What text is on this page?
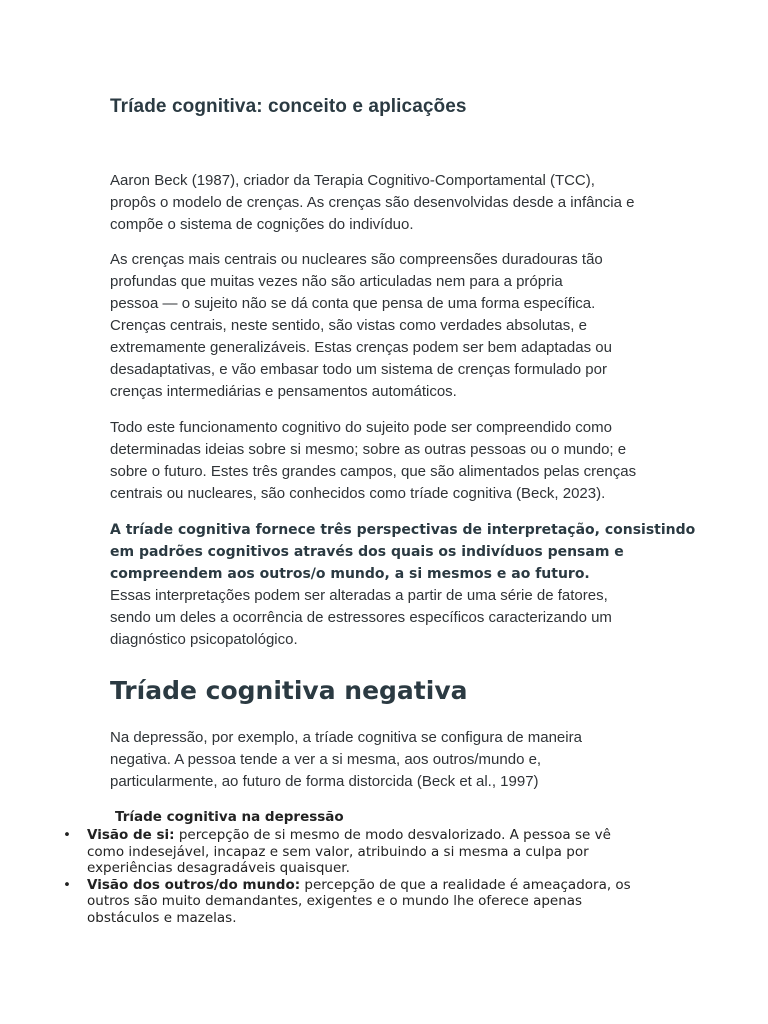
Tríade cognitiva: conceito e aplicações

Aaron Beck (1987), criador da Terapia Cognitivo-Comportamental (TCC),
propôs o modelo de crenças. As crenças são desenvolvidas desde a infância e
compõe o sistema de cognições do indivíduo.

As crenças mais centrais ou nucleares são compreensões duradouras tão
profundas que muitas vezes não são articuladas nem para a própria
pessoa — o sujeito não se dá conta que pensa de uma forma específica.
Crenças centrais, neste sentido, são vistas como verdades absolutas, e
extremamente generalizáveis. Estas crenças podem ser bem adaptadas ou
desadaptativas, e vão embasar todo um sistema de crenças formulado por
crenças intermediárias e pensamentos automáticos.

Todo este funcionamento cognitivo do sujeito pode ser compreendido como
determinadas ideias sobre si mesmo; sobre as outras pessoas ou o mundo; e
sobre o futuro. Estes três grandes campos, que são alimentados pelas crenças
centrais ou nucleares, são conhecidos como tríade cognitiva (Beck, 2023).

A tríade cognitiva fornece três perspectivas de interpretação, consistindo
em padrões cognitivos através dos quais os indivíduos pensam e
compreendem aos outros/o mundo, a si mesmos e ao futuro.
Essas interpretações podem ser alteradas a partir de uma série de fatores,
sendo um deles a ocorrência de estressores específicos caracterizando um
diagnóstico psicopatológico.

Tríade cognitiva negativa

Na depressão, por exemplo, a tríade cognitiva se configura de maneira
negativa. A pessoa tende a ver a si mesma, aos outros/mundo e,
particularmente, ao futuro de forma distorcida (Beck et al., 1997)

Tríade cognitiva na depressão
• Visão de si: percepção de si mesmo de modo desvalorizado. A pessoa se vê
como indesejável, incapaz e sem valor, atribuindo a si mesma a culpa por
experiências desagradáveis quaisquer.
• Visão dos outros/do mundo: percepção de que a realidade é ameaçadora, os
outros são muito demandantes, exigentes e o mundo lhe oferece apenas
obstáculos e mazelas.
